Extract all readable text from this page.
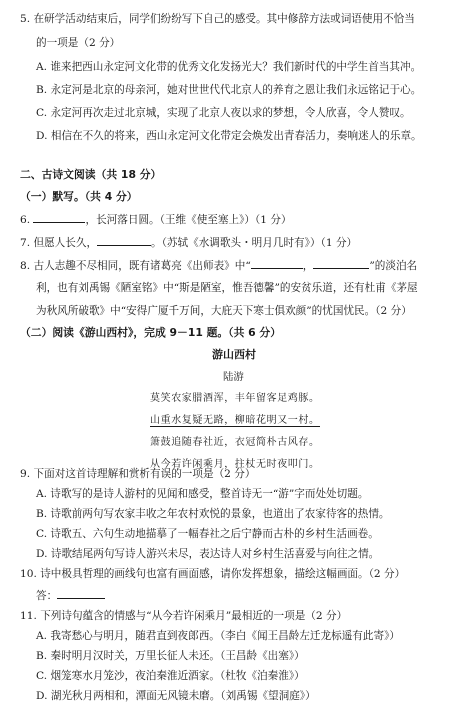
5. 在研学活动结束后，同学们纷纷写下自己的感受。其中修辞方法或词语使用不恰当
的一项是（2 分）
A. 谁来把西山永定河文化带的优秀文化发扬光大？我们新时代的中学生首当其冲。
B. 永定河是北京的母亲河，她对世世代代北京人的养育之恩让我们永远铭记于心。
C. 永定河再次走过北京城，实现了北京人夜以求的梦想，令人欣喜，令人赞叹。
D. 相信在不久的将来，西山永定河文化带定会焕发出青春活力，奏响迷人的乐章。
二、古诗文阅读（共 18 分）
（一）默写。（共 4 分）
6.	，长河落日圆。（王维《使至塞上》）（1 分）
7. 但愿人长久，	。（苏轼《水调歌头・明月几时有》）（1 分）
8. 古人志趣不尽相同，既有诸葛亮《出师表》中“	，	”的淡泊名
利，也有刘禹锡《陋室铭》中“斯是陋室，惟吾德馨”的安贫乐道，还有杜甫《茅屋
为秋风所破歌》中“安得广厦千万间，大庇天下寒士俱欢颜”的忧国忧民。（2 分）
（二）阅读《游山西村》，完成 9－11 题。（共 6 分）
游山西村
陆游
莫笑农家腊酒浑，丰年留客足鸡豚。
山重水复疑无路，柳暗花明又一村。
箫鼓追随春社近，衣冠简朴古风存。
从今若许闲乘月，拄杖无时夜叩门。
9. 下面对这首诗理解和赏析有误的一项是（2 分）
A. 诗歌写的是诗人游村的见闻和感受，整首诗无一“游”字而处处切题。
B. 诗歌前两句写农家丰收之年农村欢悦的景象，也道出了农家待客的热情。
C. 诗歌五、六句生动地描摹了一幅春社之后宁静而古朴的乡村生活画卷。
D. 诗歌结尾两句写诗人游兴未尽，表达诗人对乡村生活喜爱与向往之情。
10. 诗中极具哲理的画线句也富有画面感，请你发挥想象，描绘这幅画面。（2 分）
答：
11. 下列诗句蕴含的情感与“从今若许闲乘月”最相近的一项是（2 分）
A. 我寄愁心与明月，随君直到夜郎西。（李白《闻王昌龄左迁龙标遥有此寄》）
B. 秦时明月汉时关，万里长征人未还。（王昌龄《出塞》）
C. 烟笼寒水月笼沙，夜泊秦淮近酒家。（杜牧《泊秦淮》）
D. 湖光秋月两相和，潭面无风镜未磨。（刘禹锡《望洞庭》）
